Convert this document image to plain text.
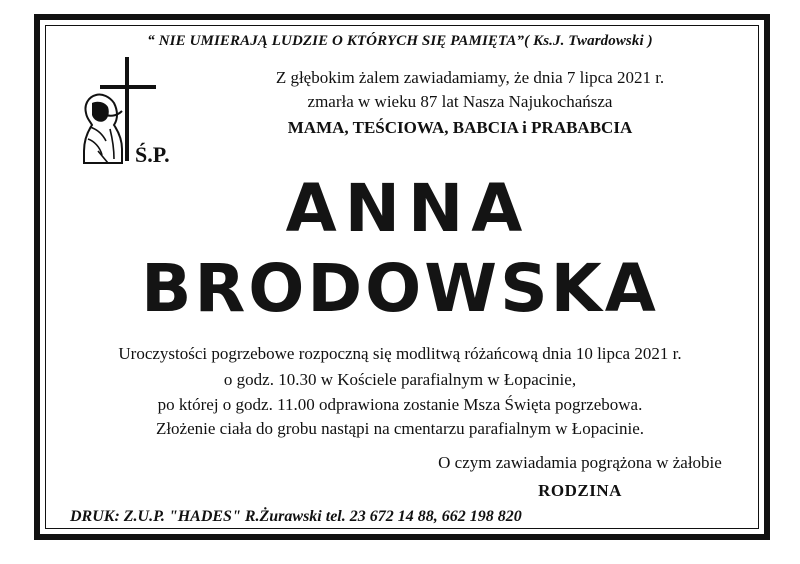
“ NIE UMIERAJĄ LUDZIE O KTÓRYCH SIĘ PAMIĘTA”( Ks.J. Twardowski )
Ś.P.
Z głębokim żalem zawiadamiamy, że dnia 7 lipca 2021 r.
zmarła w wieku 87 lat Nasza Najukochańsza
MAMA, TEŚCIOWA, BABCIA i PRABABCIA
ANNA
BRODOWSKA
Uroczystości pogrzebowe rozpoczną się modlitwą różańcową dnia 10 lipca 2021 r.
o godz. 10.30 w Kościele parafialnym w Łopacinie,
po której o godz. 11.00 odprawiona zostanie Msza Święta pogrzebowa.
Złożenie ciała do grobu nastąpi na cmentarzu parafialnym w Łopacinie.
O czym zawiadamia pogrążona w żałobie
RODZINA
DRUK: Z.U.P. "HADES" R.Żurawski tel. 23 672 14 88, 662 198 820
